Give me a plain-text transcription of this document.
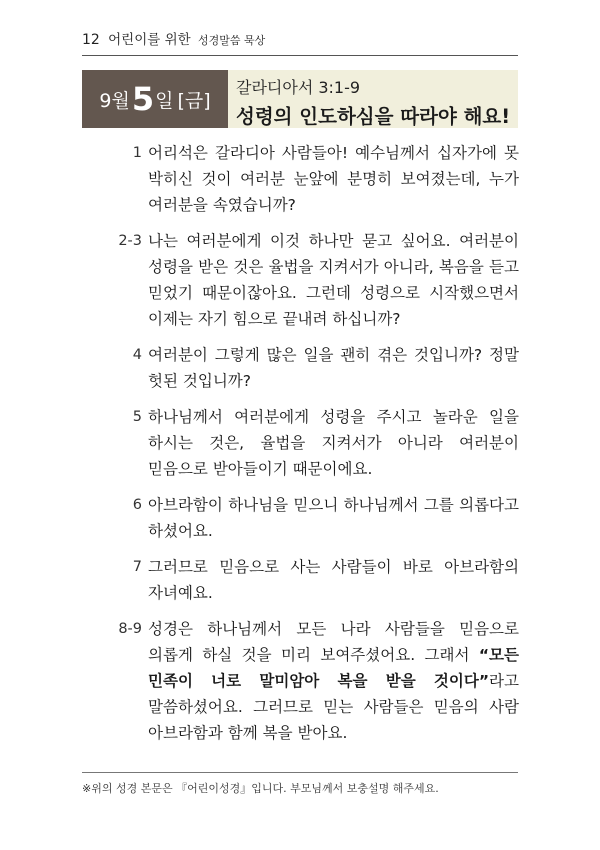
12 어린이를 위한 성경말씀 묵상
9월 5 일 [금]
갈라디아서 3:1-9
성령의 인도하심을 따라야 해요!
1 어리석은 갈라디아 사람들아! 예수님께서 십자가에 못 박히신 것이 여러분 눈앞에 분명히 보여졌는데, 누가 여러분을 속였습니까?
2-3 나는 여러분에게 이것 하나만 묻고 싶어요. 여러분이 성령을 받은 것은 율법을 지켜서가 아니라, 복음을 듣고 믿었기 때문이잖아요. 그런데 성령으로 시작했으면서 이제는 자기 힘으로 끝내려 하십니까?
4 여러분이 그렇게 많은 일을 괜히 겪은 것입니까? 정말 헛된 것입니까?
5 하나님께서 여러분에게 성령을 주시고 놀라운 일을 하시는 것은, 율법을 지켜서가 아니라 여러분이 믿음으로 받아들이기 때문이에요.
6 아브라함이 하나님을 믿으니 하나님께서 그를 의롭다고 하셨어요.
7 그러므로 믿음으로 사는 사람들이 바로 아브라함의 자녀예요.
8-9 성경은 하나님께서 모든 나라 사람들을 믿음으로 의롭게 하실 것을 미리 보여주셨어요. 그래서 “모든 민족이 너로 말미암아 복을 받을 것이다”라고 말씀하셨어요. 그러므로 믿는 사람들은 믿음의 사람 아브라함과 함께 복을 받아요.
※위의 성경 본문은 『어린이성경』입니다. 부모님께서 보충설명 해주세요.
